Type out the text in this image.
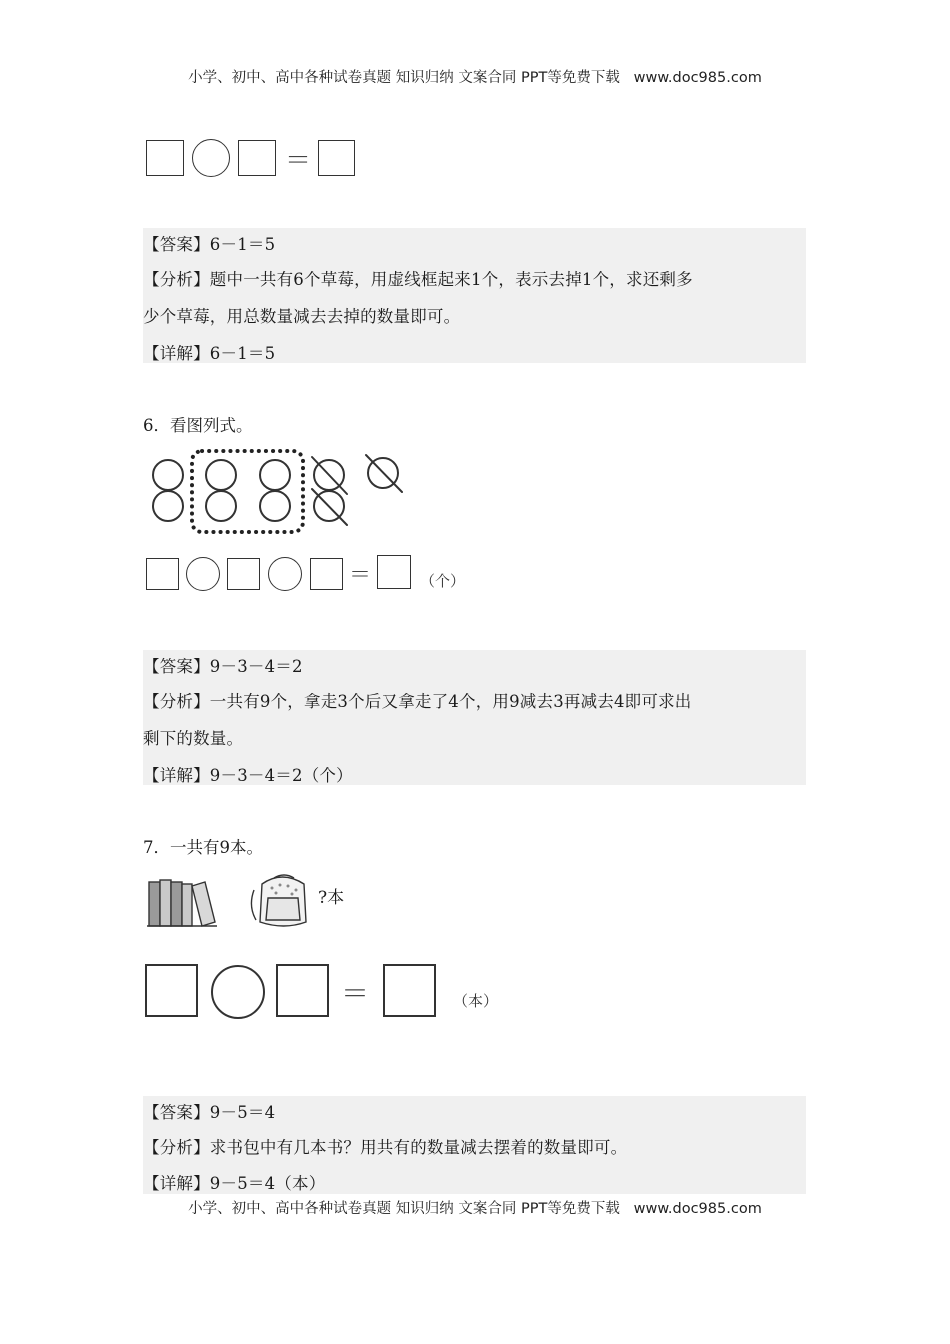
小学、初中、高中各种试卷真题 知识归纳 文案合同 PPT等免费下载 www.doc985.com
＝
【答案】6－1＝5
【分析】题中一共有6个草莓，用虚线框起来1个，表示去掉1个，求还剩多
少个草莓，用总数量减去去掉的数量即可。
【详解】6－1＝5
6．看图列式。
＝	（个）
【答案】9－3－4＝2
【分析】一共有9个，拿走3个后又拿走了4个，用9减去3再减去4即可求出
剩下的数量。
【详解】9－3－4＝2（个）
7．一共有9本。
?本
＝	（本）
【答案】9－5＝4
【分析】求书包中有几本书？用共有的数量减去摆着的数量即可。
【详解】9－5＝4（本）
小学、初中、高中各种试卷真题 知识归纳 文案合同 PPT等免费下载 www.doc985.com
